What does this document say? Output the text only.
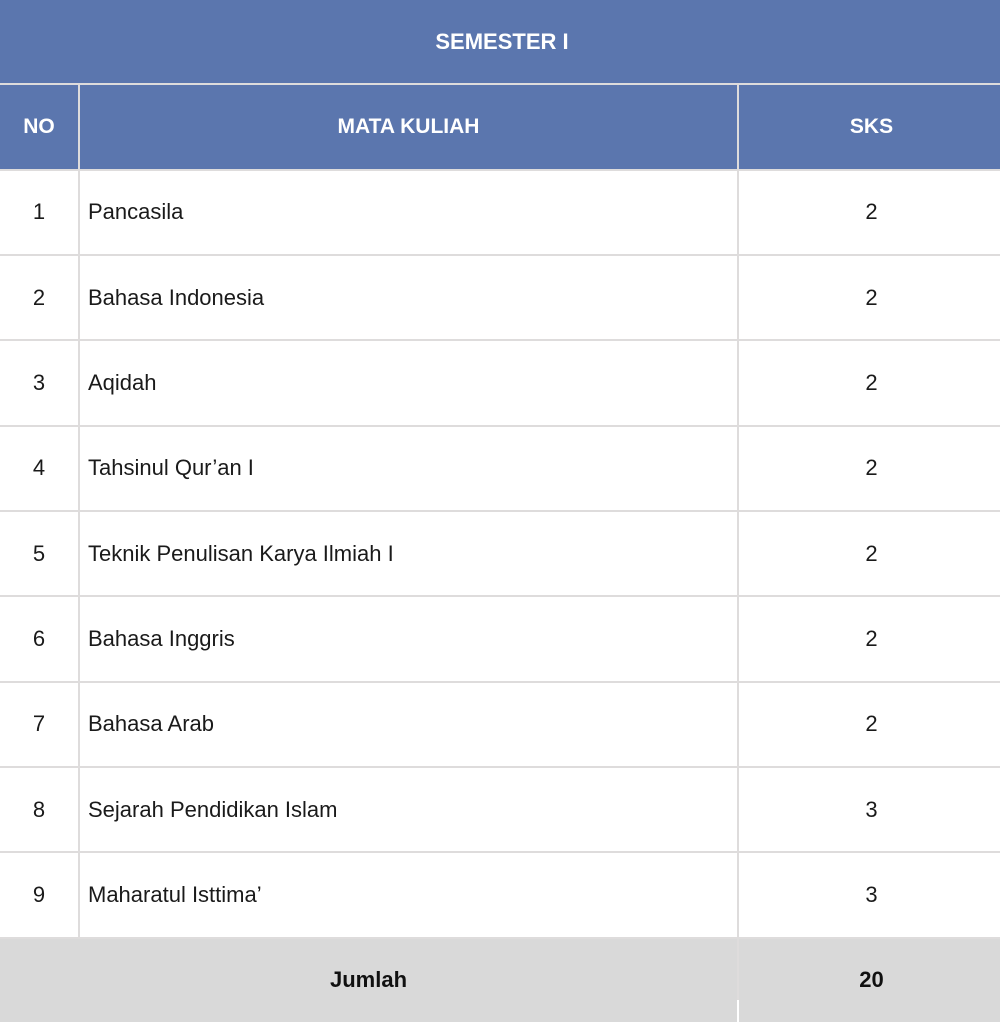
SEMESTER I
NO	MATA KULIAH	SKS
1	Pancasila	2
2	Bahasa Indonesia	2
3	Aqidah	2
4	Tahsinul Qur’an I	2
5	Teknik Penulisan Karya Ilmiah I	2
6	Bahasa Inggris	2
7	Bahasa Arab	2
8	Sejarah Pendidikan Islam	3
9	Maharatul Isttima’	3
Jumlah	20
